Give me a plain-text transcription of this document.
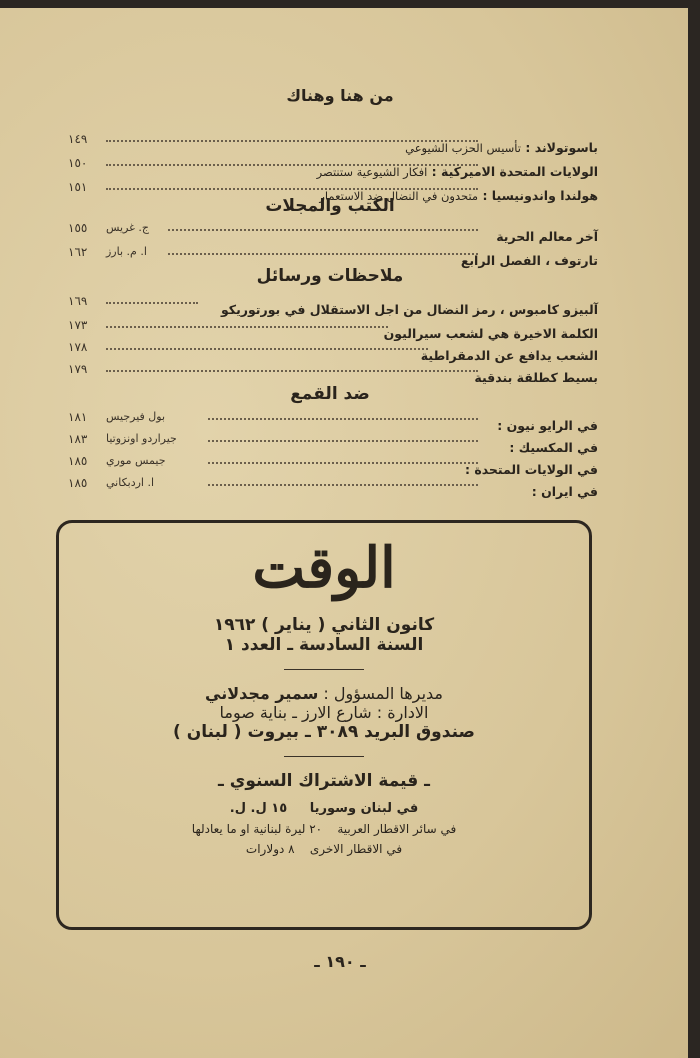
من هنا وهناك
١٤٩
باسوتولاند : تأسيس الحزب الشيوعي
١٥٠
الولايات المتحدة الاميركية : افكار الشيوعية ستنتصر
١٥١
هولندا واندونيسيا : متحدون في النضال ضد الاستعمار
الكتب والمجلات
١٥٥ ج. غريس
آخر معالم الحرية
١٦٢ ا. م. بارز
تارتوف ، الفصل الرابع
ملاحظات ورسائل
١٦٩
آلبيزو كامبوس ، رمز النضال من اجل الاستقلال في بورتوريكو
١٧٣
الكلمة الاخيرة هي لشعب سيراليون
١٧٨
الشعب يدافع عن الدمقراطية
١٧٩
بسيط كطلقة بندقية
ضد القمع
١٨١ بول فيرجيس
في الرايو نيون :
١٨٣ جيراردو اونزوتيا
في المكسيك :
١٨٥ جيمس موري
في الولايات المتحدة :
١٨٥ ا. اردبكاني
في ايران :
الوقت
كانون الثاني ( يناير ) ١٩٦٢
السنة السادسة ـ العدد ١
مديرها المسؤول : سمير مجدلاني
الادارة : شارع الارز ـ بناية صوما
صندوق البريد ٣٠٨٩ ـ بيروت ( لبنان )
ـ قيمة الاشتراك السنوي ـ
في لبنان وسوريا     ١٥ ل. ل.
في سائر الاقطار العربية    ٢٠ ليرة لبنانية او ما يعادلها
في الاقطار الاخرى    ٨ دولارات
ـ ١٩٠ ـ
